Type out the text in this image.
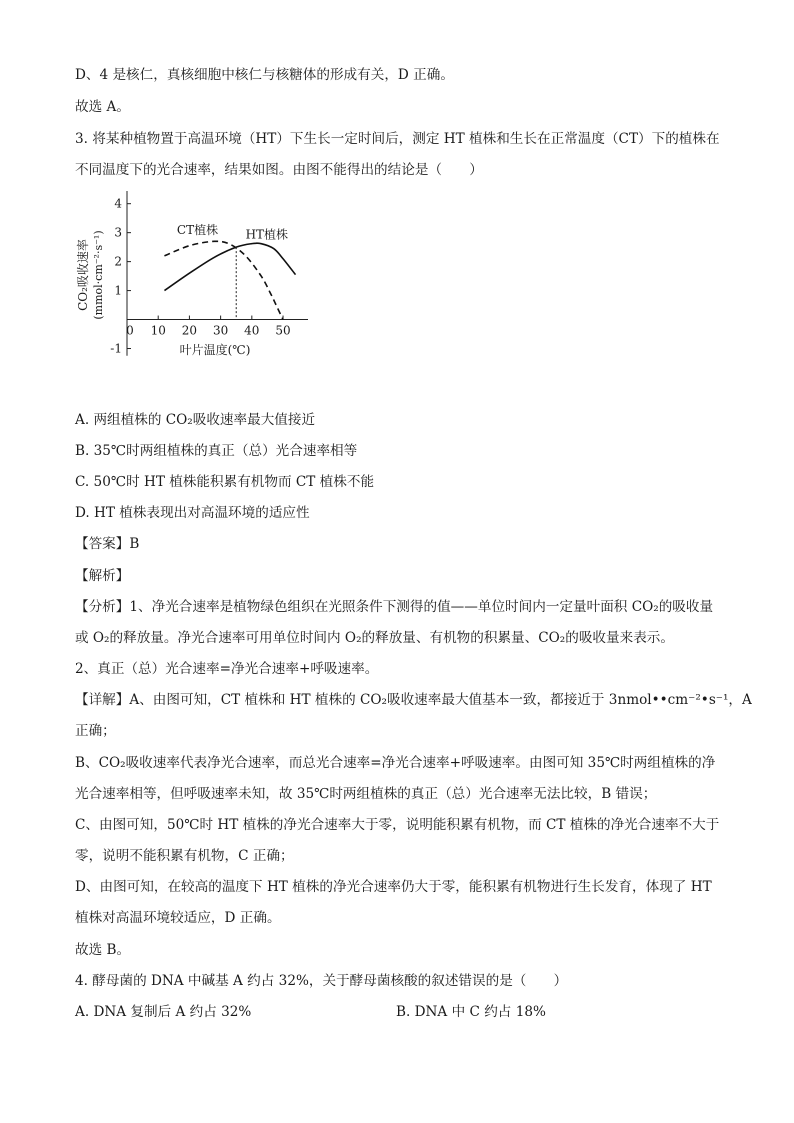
D、4 是核仁，真核细胞中核仁与核糖体的形成有关，D 正确。
故选 A。
3. 将某种植物置于高温环境（HT）下生长一定时间后，测定 HT 植株和生长在正常温度（CT）下的植株在
不同温度下的光合速率，结果如图。由图不能得出的结论是（　　）
CO₂吸收速率 (mmol·cm⁻²·s⁻¹)
-1
1
2
3
4
0 10 20 30 40 50
CT植株 HT植株
叶片温度(℃)
A. 两组植株的 CO₂吸收速率最大值接近
B. 35℃时两组植株的真正（总）光合速率相等
C. 50℃时 HT 植株能积累有机物而 CT 植株不能
D. HT 植株表现出对高温环境的适应性
【答案】B
【解析】
【分析】1、净光合速率是植物绿色组织在光照条件下测得的值——单位时间内一定量叶面积 CO₂的吸收量
或 O₂的释放量。净光合速率可用单位时间内 O₂的释放量、有机物的积累量、CO₂的吸收量来表示。
2、真正（总）光合速率=净光合速率+呼吸速率。
【详解】A、由图可知，CT 植株和 HT 植株的 CO₂吸收速率最大值基本一致，都接近于 3nmol••cm⁻²•s⁻¹，A
正确；
B、CO₂吸收速率代表净光合速率，而总光合速率=净光合速率+呼吸速率。由图可知 35℃时两组植株的净
光合速率相等，但呼吸速率未知，故 35℃时两组植株的真正（总）光合速率无法比较，B 错误；
C、由图可知，50℃时 HT 植株的净光合速率大于零，说明能积累有机物，而 CT 植株的净光合速率不大于
零，说明不能积累有机物，C 正确；
D、由图可知，在较高的温度下 HT 植株的净光合速率仍大于零，能积累有机物进行生长发育，体现了 HT
植株对高温环境较适应，D 正确。
故选 B。
4. 酵母菌的 DNA 中碱基 A 约占 32%，关于酵母菌核酸的叙述错误的是（　　）
A. DNA 复制后 A 约占 32%	B. DNA 中 C 约占 18%
